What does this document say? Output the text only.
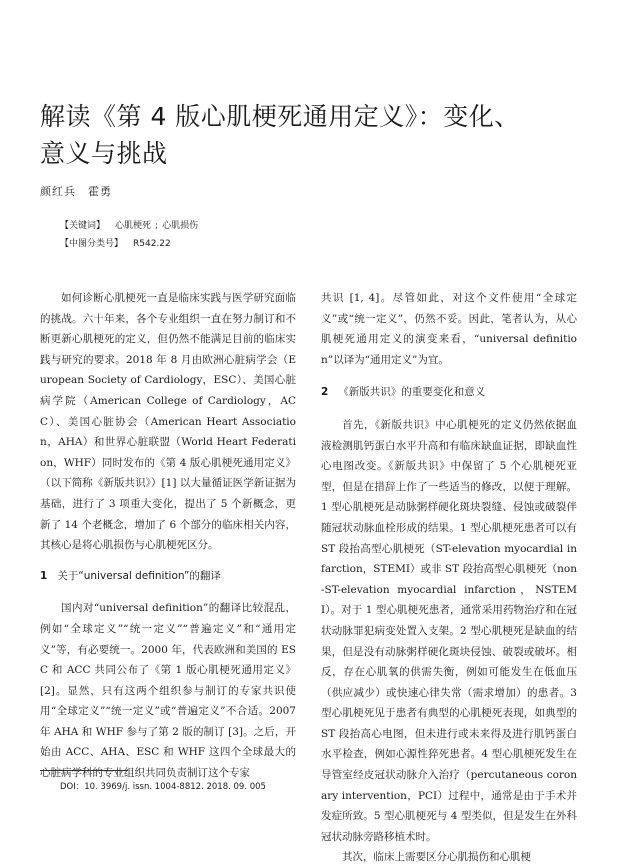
解读《第 4 版心肌梗死通用定义》：变化、
意义与挑战
颜红兵　霍勇
【关键词】 心肌梗死 ; 心肌损伤
【中图分类号】 R542.22

如何诊断心肌梗死一直是临床实践与医学研究面临的挑战。六十年来，各个专业组织一直在努力制订和不断更新心肌梗死的定义，但仍然不能满足目前的临床实践与研究的要求。2018 年 8 月由欧洲心脏病学会（European Society of Cardiology，ESC）、美国心脏病学院（American College of Cardiology，ACC）、美国心脏协会（American Heart Association，AHA）和世界心脏联盟（World Heart Federation，WHF）同时发布的《第 4 版心肌梗死通用定义》（以下简称《新版共识》）[1] 以大量循证医学新证据为基础，进行了 3 项重大变化，提出了 5 个新概念，更新了 14 个老概念，增加了 6 个部分的临床相关内容，其核心是将心肌损伤与心肌梗死区分。

1 关于“universal definition”的翻译

国内对“universal definition”的翻译比较混乱，例如“全球定义”“统一定义”“普遍定义”和“通用定义”等，有必要统一。2000 年，代表欧洲和美国的 ESC 和 ACC 共同公布了《第 1 版心肌梗死通用定义》[2]。显然，只有这两个组织参与制订的专家共识使用“全球定义”“统一定义”或“普遍定义”不合适。2007 年 AHA 和 WHF 参与了第 2 版的制订 [3]。之后，开始由 ACC、AHA、ESC 和 WHF 这四个全球最大的心脏病学科的专业组织共同负责制订这个专家

共识 [1, 4]。尽管如此，对这个文件使用“全球定义”或“统一定义”，仍然不妥。因此，笔者认为，从心肌梗死通用定义的演变来看，“universal definition”以译为“通用定义”为宜。

2 《新版共识》的重要变化和意义

首先，《新版共识》中心肌梗死的定义仍然依据血液检测肌钙蛋白水平升高和有临床缺血证据，即缺血性心电图改变。《新版共识》中保留了 5 个心肌梗死亚型，但是在措辞上作了一些适当的修改，以便于理解。1 型心肌梗死是动脉粥样硬化斑块裂缝、侵蚀或破裂伴随冠状动脉血栓形成的结果。1 型心肌梗死患者可以有 ST 段抬高型心肌梗死（ST-elevation myocardial infarction，STEMI）或非 ST 段抬高型心肌梗死（non-ST-elevation myocardial infarction，NSTEMI）。对于 1 型心肌梗死患者，通常采用药物治疗和在冠状动脉罪犯病变处置入支架。2 型心肌梗死是缺血的结果，但是没有动脉粥样硬化斑块侵蚀、破裂或破坏。相反，存在心肌氧的供需失衡，例如可能发生在低血压（供应减少）或快速心律失常（需求增加）的患者。3 型心肌梗死见于患者有典型的心肌梗死表现，如典型的 ST 段抬高心电图，但未进行或未来得及进行肌钙蛋白水平检查，例如心源性猝死患者。4 型心肌梗死发生在导管室经皮冠状动脉介入治疗（percutaneous coronary intervention，PCI）过程中，通常是由于手术并发症所致。5 型心肌梗死与 4 型类似，但是发生在外科冠状动脉旁路移植术时。

其次，临床上需要区分心肌损伤和心肌梗

DOI：10. 3969/j. issn. 1004-8812. 2018. 09. 005
